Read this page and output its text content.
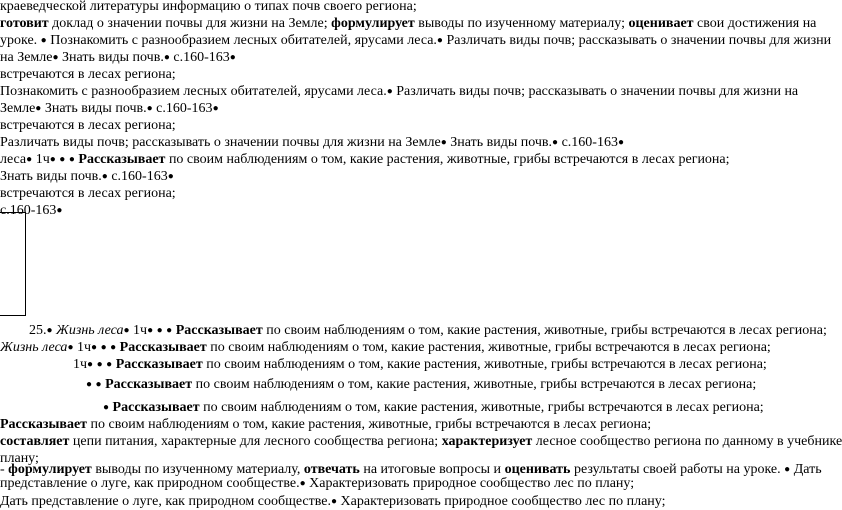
краеведческой литературы информацию о типах почв своего региона;
готовит доклад о значении почвы для жизни на Земле; формулирует выводы по изученному материалу; оценивает свои достижения на
уроке. ● Познакомить с разнообразием лесных обитателей, ярусами леса.● Различать виды почв; рассказывать о значении почвы для жизни
на Земле● Знать виды почв.● с.160-163●
встречаются в лесах региона;
Познакомить с разнообразием лесных обитателей, ярусами леса.● Различать виды почв; рассказывать о значении почвы для жизни на
Земле● Знать виды почв.● с.160-163●
встречаются в лесах региона;
Различать виды почв; рассказывать о значении почвы для жизни на Земле● Знать виды почв.● с.160-163●
леса● 1ч● ● ● Рассказывает по своим наблюдениям о том, какие растения, животные, грибы встречаются в лесах региона;
Знать виды почв.● с.160-163●
встречаются в лесах региона;
с.160-163●
25.● Жизнь леса● 1ч● ● ● Рассказывает по своим наблюдениям о том, какие растения, животные, грибы встречаются в лесах региона;
Жизнь леса● 1ч● ● ● Рассказывает по своим наблюдениям о том, какие растения, животные, грибы встречаются в лесах региона;
1ч● ● ● Рассказывает по своим наблюдениям о том, какие растения, животные, грибы встречаются в лесах региона;
● ● Рассказывает по своим наблюдениям о том, какие растения, животные, грибы встречаются в лесах региона;
● Рассказывает по своим наблюдениям о том, какие растения, животные, грибы встречаются в лесах региона;
Рассказывает по своим наблюдениям о том, какие растения, животные, грибы встречаются в лесах региона;
составляет цепи питания, характерные для лесного сообщества региона; характеризует лесное сообщество региона по данному в учебнике
плану;
- формулирует выводы по изученному материалу, отвечать на итоговые вопросы и оценивать результаты своей работы на уроке. ● Дать
представление о луге, как природном сообществе.● Характеризовать природное сообщество лес по плану;
Дать представление о луге, как природном сообществе.● Характеризовать природное сообщество лес по плану;
